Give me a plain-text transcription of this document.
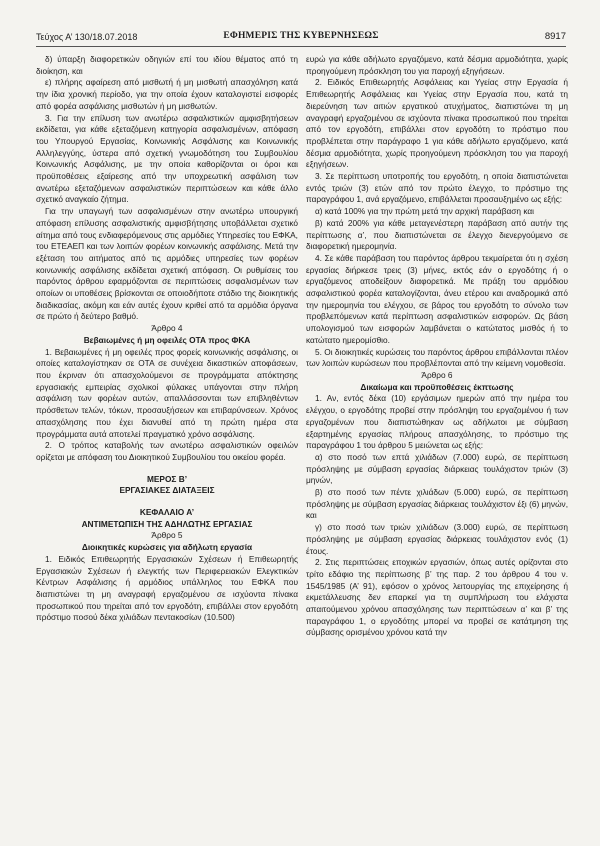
Τεύχος Α’ 130/18.07.2018	ΕΦΗΜΕΡΙΣ ΤΗΣ ΚΥΒΕΡΝΗΣΕΩΣ	8917

δ) ύπαρξη διαφορετικών οδηγιών επί του ιδίου θέματος από τη διοίκηση, και

ε) πλήρης αφαίρεση από μισθωτή ή μη μισθωτή απασχόληση κατά την ίδια χρονική περίοδο, για την οποία έχουν καταλογιστεί εισφορές από φορέα ασφάλισης μισθωτών ή μη μισθωτών.

3. Για την επίλυση των ανωτέρω ασφαλιστικών αμφισβητήσεων εκδίδεται, για κάθε εξεταζόμενη κατηγορία ασφαλισμένων, απόφαση του Υπουργού Εργασίας, Κοινωνικής Ασφάλισης και Κοινωνικής Αλληλεγγύης, ύστερα από σχετική γνωμοδότηση του Συμβουλίου Κοινωνικής Ασφάλισης, με την οποία καθορίζονται οι όροι και προϋποθέσεις εξαίρεσης από την υποχρεωτική ασφάλιση των ανωτέρω εξεταζόμενων ασφαλιστικών περιπτώσεων και κάθε άλλο σχετικό αναγκαίο ζήτημα.

Για την υπαγωγή των ασφαλισμένων στην ανωτέρω υπουργική απόφαση επίλυσης ασφαλιστικής αμφισβήτησης υποβάλλεται σχετικό αίτημα από τους ενδιαφερόμενους στις αρμόδιες Υπηρεσίες του ΕΦΚΑ, του ΕΤΕΑΕΠ και των λοιπών φορέων κοινωνικής ασφάλισης. Μετά την εξέταση του αιτήματος από τις αρμόδιες υπηρεσίες των φορέων κοινωνικής ασφάλισης εκδίδεται σχετική απόφαση. Οι ρυθμίσεις του παρόντος άρθρου εφαρμόζονται σε περιπτώσεις ασφαλισμένων των οποίων οι υποθέσεις βρίσκονται σε οποιοδήποτε στάδιο της διοικητικής διαδικασίας, ακόμη και εάν αυτές έχουν κριθεί από τα αρμόδια όργανα σε πρώτο ή δεύτερο βαθμό.

Άρθρο 4

Βεβαιωμένες ή μη οφειλές ΟΤΑ προς ΦΚΑ

1. Βεβαιωμένες ή μη οφειλές προς φορείς κοινωνικής ασφάλισης, οι οποίες καταλογίστηκαν σε ΟΤΑ σε συνέχεια δικαστικών αποφάσεων, που έκριναν ότι απασχολούμενοι σε προγράμματα απόκτησης εργασιακής εμπειρίας σχολικοί φύλακες υπάγονται στην πλήρη ασφάλιση των φορέων αυτών, απαλλάσσονται των επιβληθέντων πρόσθετων τελών, τόκων, προσαυξήσεων και επιβαρύνσεων. Χρόνος απασχόλησης που έχει διανυθεί από τη πρώτη ημέρα στα προγράμματα αυτά αποτελεί πραγματικό χρόνο ασφάλισης.

2. Ο τρόπος καταβολής των ανωτέρω ασφαλιστικών οφειλών ορίζεται με απόφαση του Διοικητικού Συμβουλίου του οικείου φορέα.

ΜΕΡΟΣ Β’

ΕΡΓΑΣΙΑΚΕΣ ΔΙΑΤΑΞΕΙΣ

ΚΕΦΑΛΑΙΟ Α’

ΑΝΤΙΜΕΤΩΠΙΣΗ ΤΗΣ ΑΔΗΛΩΤΗΣ ΕΡΓΑΣΙΑΣ

Άρθρο 5

Διοικητικές κυρώσεις για αδήλωτη εργασία

1. Ειδικός Επιθεωρητής Εργασιακών Σχέσεων ή Επιθεωρητής Εργασιακών Σχέσεων ή ελεγκτής των Περιφερειακών Ελεγκτικών Κέντρων Ασφάλισης ή αρμόδιος υπάλληλος του ΕΦΚΑ που διαπιστώνει τη μη αναγραφή εργαζομένου σε ισχύοντα πίνακα προσωπικού που τηρείται από τον εργοδότη, επιβάλλει στον εργοδότη πρόστιμο ποσού δέκα χιλιάδων πεντακοσίων (10.500)

ευρώ για κάθε αδήλωτο εργαζόμενο, κατά δέσμια αρμοδιότητα, χωρίς προηγούμενη πρόσκληση του για παροχή εξηγήσεων.

2. Ειδικός Επιθεωρητής Ασφάλειας και Υγείας στην Εργασία ή Επιθεωρητής Ασφάλειας και Υγείας στην Εργασία που, κατά τη διερεύνηση των αιτιών εργατικού ατυχήματος, διαπιστώνει τη μη αναγραφή εργαζομένου σε ισχύοντα πίνακα προσωπικού που τηρείται από τον εργοδότη, επιβάλλει στον εργοδότη το πρόστιμο που προβλέπεται στην παράγραφο 1 για κάθε αδήλωτο εργαζόμενο, κατά δέσμια αρμοδιότητα, χωρίς προηγούμενη πρόσκληση του για παροχή εξηγήσεων.

3. Σε περίπτωση υποτροπής του εργοδότη, η οποία διαπιστώνεται εντός τριών (3) ετών από τον πρώτο έλεγχο, το πρόστιμο της παραγράφου 1, ανά εργαζόμενο, επιβάλλεται προσαυξημένο ως εξής:

α) κατά 100% για την πρώτη μετά την αρχική παράβαση και

β) κατά 200% για κάθε μεταγενέστερη παράβαση από αυτήν της περίπτωσης α’, που διαπιστώνεται σε έλεγχο διενεργούμενο σε διαφορετική ημερομηνία.

4. Σε κάθε παράβαση του παρόντος άρθρου τεκμαίρεται ότι η σχέση εργασίας διήρκεσε τρεις (3) μήνες, εκτός εάν ο εργοδότης ή ο εργαζόμενος αποδείξουν διαφορετικά. Με πράξη του αρμόδιου ασφαλιστικού φορέα καταλογίζονται, άνευ ετέρου και αναδρομικά από την ημερομηνία του ελέγχου, σε βάρος του εργοδότη το σύνολο των προβλεπόμενων κατά περίπτωση ασφαλιστικών εισφορών. Ως βάση υπολογισμού των εισφορών λαμβάνεται ο κατώτατος μισθός ή το κατώτατο ημερομίσθιο.

5. Οι διοικητικές κυρώσεις του παρόντος άρθρου επιβάλλονται πλέον των λοιπών κυρώσεων που προβλέπονται από την κείμενη νομοθεσία.

Άρθρο 6

Δικαίωμα και προϋποθέσεις έκπτωσης

1. Αν, εντός δέκα (10) εργάσιμων ημερών από την ημέρα του ελέγχου, ο εργοδότης προβεί στην πρόσληψη του εργαζομένου ή των εργαζομένων που διαπιστώθηκαν ως αδήλωτοι με σύμβαση εξαρτημένης εργασίας πλήρους απασχόλησης, το πρόστιμο της παραγράφου 1 του άρθρου 5 μειώνεται ως εξής:

α) στο ποσό των επτά χιλιάδων (7.000) ευρώ, σε περίπτωση πρόσληψης με σύμβαση εργασίας διάρκειας τουλάχιστον τριών (3) μηνών,

β) στο ποσό των πέντε χιλιάδων (5.000) ευρώ, σε περίπτωση πρόσληψης με σύμβαση εργασίας διάρκειας τουλάχιστον έξι (6) μηνών, και

γ) στο ποσό των τριών χιλιάδων (3.000) ευρώ, σε περίπτωση πρόσληψης με σύμβαση εργασίας διάρκειας τουλάχιστον ενός (1) έτους.

2. Στις περιπτώσεις εποχικών εργασιών, όπως αυτές ορίζονται στο τρίτο εδάφιο της περίπτωσης β’ της παρ. 2 του άρθρου 4 του ν. 1545/1985 (Α’ 91), εφόσον ο χρόνος λειτουργίας της επιχείρησης ή εκμετάλλευσης δεν επαρκεί για τη συμπλήρωση του ελάχιστα απαιτούμενου χρόνου απασχόλησης των περιπτώσεων α’ και β’ της παραγράφου 1, ο εργοδότης μπορεί να προβεί σε κατάτμηση της σύμβασης ορισμένου χρόνου κατά την
